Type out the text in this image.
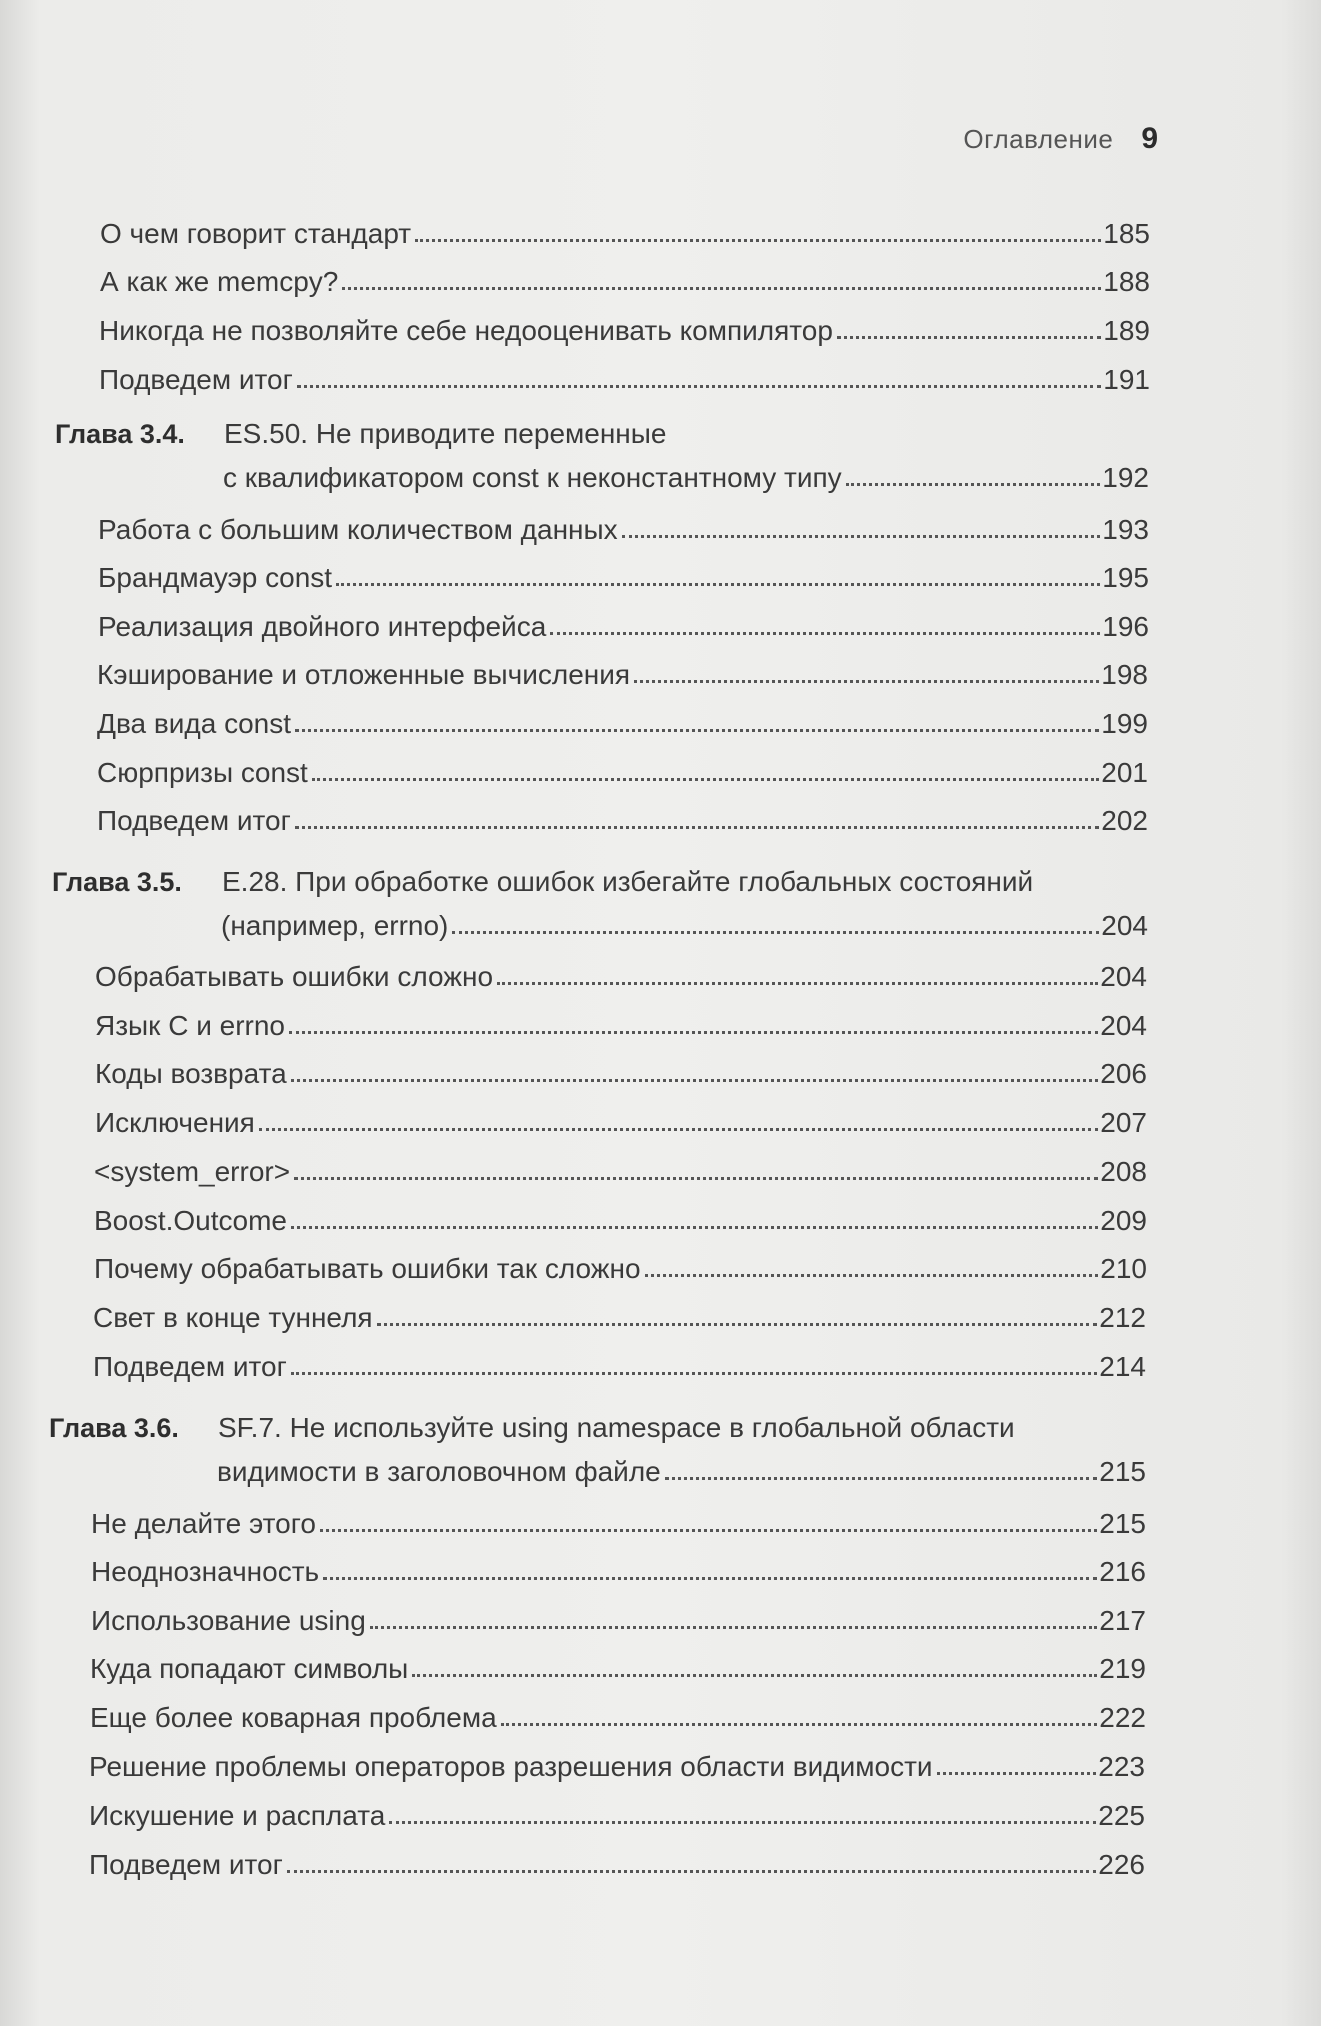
Оглавление 9
О чем говорит стандарт	185
А как же memcpy?	188
Никогда не позволяйте себе недооценивать компилятор	189
Подведем итог	191
Глава 3.4. ES.50. Не приводите переменные
с квалификатором const к неконстантному типу	192
Работа с большим количеством данных	193
Брандмауэр const	195
Реализация двойного интерфейса	196
Кэширование и отложенные вычисления	198
Два вида const	199
Сюрпризы const	201
Подведем итог	202
Глава 3.5. E.28. При обработке ошибок избегайте глобальных состояний
(например, errno)	204
Обрабатывать ошибки сложно	204
Язык C и errno	204
Коды возврата	206
Исключения	207
<system_error>	208
Boost.Outcome	209
Почему обрабатывать ошибки так сложно	210
Свет в конце туннеля	212
Подведем итог	214
Глава 3.6. SF.7. Не используйте using namespace в глобальной области
видимости в заголовочном файле	215
Не делайте этого	215
Неоднозначность	216
Использование using	217
Куда попадают символы	219
Еще более коварная проблема	222
Решение проблемы операторов разрешения области видимости	223
Искушение и расплата	225
Подведем итог	226
